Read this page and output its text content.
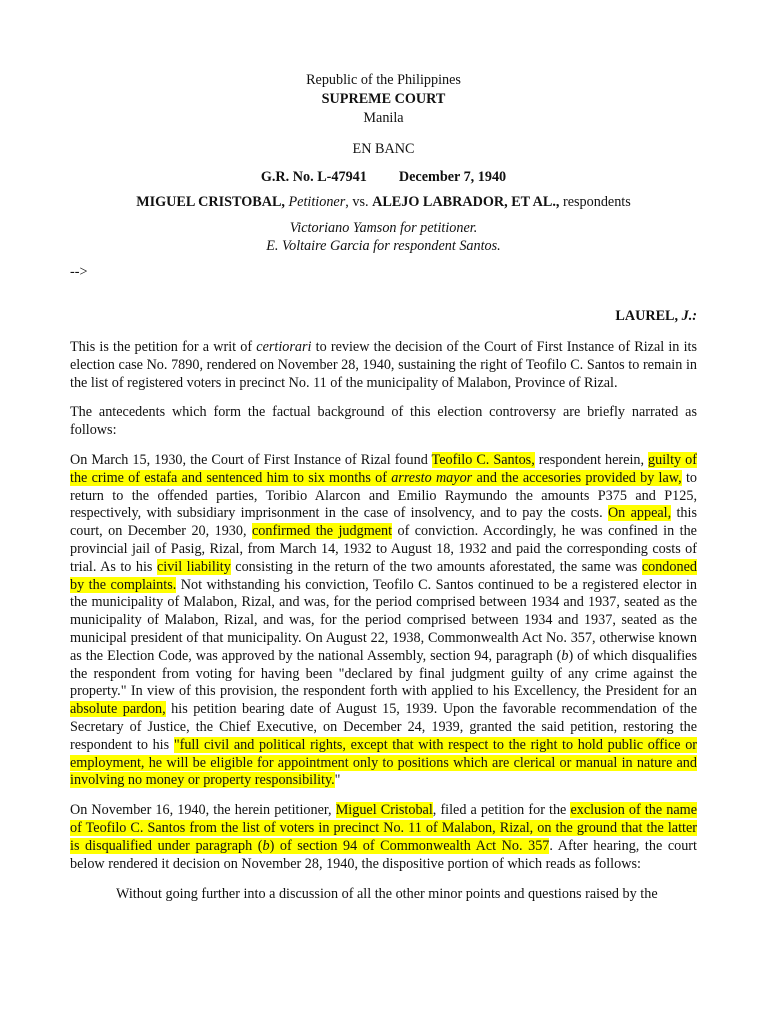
Republic of the Philippines
SUPREME COURT
Manila
EN BANC
G.R. No. L-47941 December 7, 1940
MIGUEL CRISTOBAL, Petitioner, vs. ALEJO LABRADOR, ET AL., respondents
Victoriano Yamson for petitioner.
E. Voltaire Garcia for respondent Santos.
-->
LAUREL, J.:

This is the petition for a writ of certiorari to review the decision of the Court of First Instance of Rizal in its election case No. 7890, rendered on November 28, 1940, sustaining the right of Teofilo C. Santos to remain in the list of registered voters in precinct No. 11 of the municipality of Malabon, Province of Rizal.

The antecedents which form the factual background of this election controversy are briefly narrated as follows:

On March 15, 1930, the Court of First Instance of Rizal found Teofilo C. Santos, respondent herein, guilty of the crime of estafa and sentenced him to six months of arresto mayor and the accesories provided by law, to return to the offended parties, Toribio Alarcon and Emilio Raymundo the amounts P375 and P125, respectively, with subsidiary imprisonment in the case of insolvency, and to pay the costs. On appeal, this court, on December 20, 1930, confirmed the judgment of conviction. Accordingly, he was confined in the provincial jail of Pasig, Rizal, from March 14, 1932 to August 18, 1932 and paid the corresponding costs of trial. As to his civil liability consisting in the return of the two amounts aforestated, the same was condoned by the complaints. Not withstanding his conviction, Teofilo C. Santos continued to be a registered elector in the municipality of Malabon, Rizal, and was, for the period comprised between 1934 and 1937, seated as the municipality of Malabon, Rizal, and was, for the period comprised between 1934 and 1937, seated as the municipal president of that municipality. On August 22, 1938, Commonwealth Act No. 357, otherwise known as the Election Code, was approved by the national Assembly, section 94, paragraph (b) of which disqualifies the respondent from voting for having been "declared by final judgment guilty of any crime against the property." In view of this provision, the respondent forth with applied to his Excellency, the President for an absolute pardon, his petition bearing date of August 15, 1939. Upon the favorable recommendation of the Secretary of Justice, the Chief Executive, on December 24, 1939, granted the said petition, restoring the respondent to his "full civil and political rights, except that with respect to the right to hold public office or employment, he will be eligible for appointment only to positions which are clerical or manual in nature and involving no money or property responsibility."

On November 16, 1940, the herein petitioner, Miguel Cristobal, filed a petition for the exclusion of the name of Teofilo C. Santos from the list of voters in precinct No. 11 of Malabon, Rizal, on the ground that the latter is disqualified under paragraph (b) of section 94 of Commonwealth Act No. 357. After hearing, the court below rendered it decision on November 28, 1940, the dispositive portion of which reads as follows:

Without going further into a discussion of all the other minor points and questions raised by the
